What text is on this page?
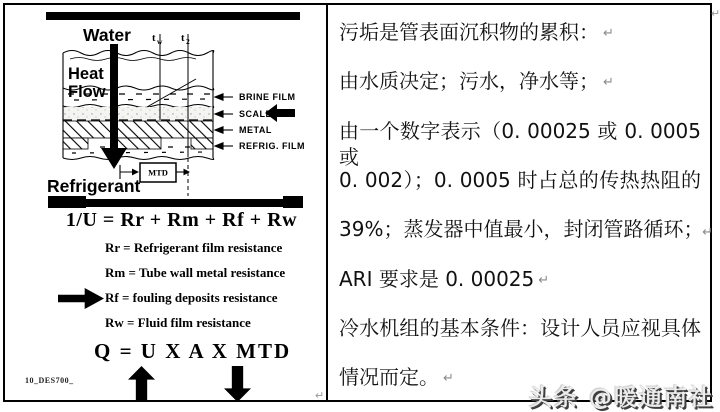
Water t w t 2
Heat
Flow
Refrigerant
MTD
BRINE FILM
SCALE
METAL
REFRIG. FILM
1/U = Rr + Rm + Rf + Rw
Rr = Refrigerant film resistance
Rm = Tube wall metal resistance
Rf = fouling deposits resistance
Rw = Fluid film resistance
Q = U X A X MTD
10_DES700_
污垢是管表面沉积物的累积： ↵
由水质决定；污水，净水等； ↵
由一个数字表示（0. 00025 或 0. 0005 或
0. 002）；0. 0005 时占总的传热热阻的
39%；蒸发器中值最小，封闭管路循环；
↵
ARI 要求是 0. 00025 ↵
冷水机组的基本条件：设计人员应视具体
情况而定。 ↵
↵
↵	头条 @暖通南社
